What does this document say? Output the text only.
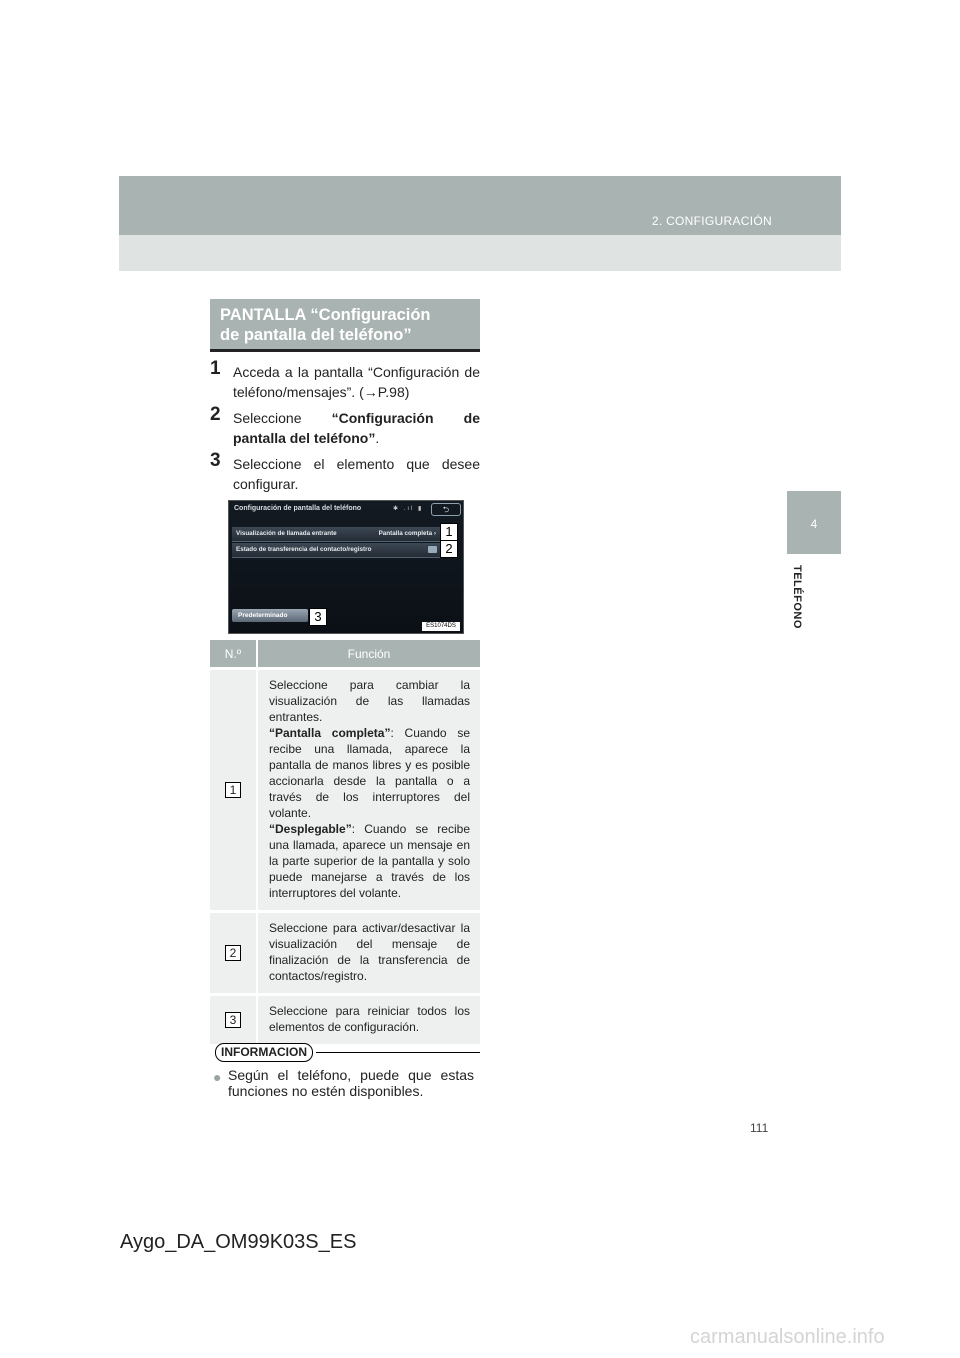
2. CONFIGURACIÓN
4
TELÉFONO
PANTALLA “Configuración
de pantalla del teléfono”
1 Acceda a la pantalla “Configuración de teléfono/mensajes”. (→P.98)
2 Seleccione “Configuración de pantalla del teléfono”.
3 Seleccione el elemento que desee configurar.
Configuración de pantalla del teléfono	✱ .ıl ▮	⮌
Visualización de llamada entrante	Pantalla completa ›
Estado de transferencia del contacto/registro
Predeterminado
1
2
3
ES1074DS
N.º	Función
1	Seleccione para cambiar la visualización de las llamadas entrantes.
“Pantalla completa”: Cuando se recibe una llamada, aparece la pantalla de manos libres y es posible accionarla desde la pantalla o a través de los interruptores del volante.
“Desplegable”: Cuando se recibe una llamada, aparece un mensaje en la parte superior de la pantalla y solo puede manejarse a través de los interruptores del volante.

2	Seleccione para activar/desactivar la visualización del mensaje de finalización de la transferencia de contactos/registro.
3	Seleccione para reiniciar todos los elementos de configuración.
INFORMACION
● Según el teléfono, puede que estas funciones no estén disponibles.
111
Aygo_DA_OM99K03S_ES
carmanualsonline.info
